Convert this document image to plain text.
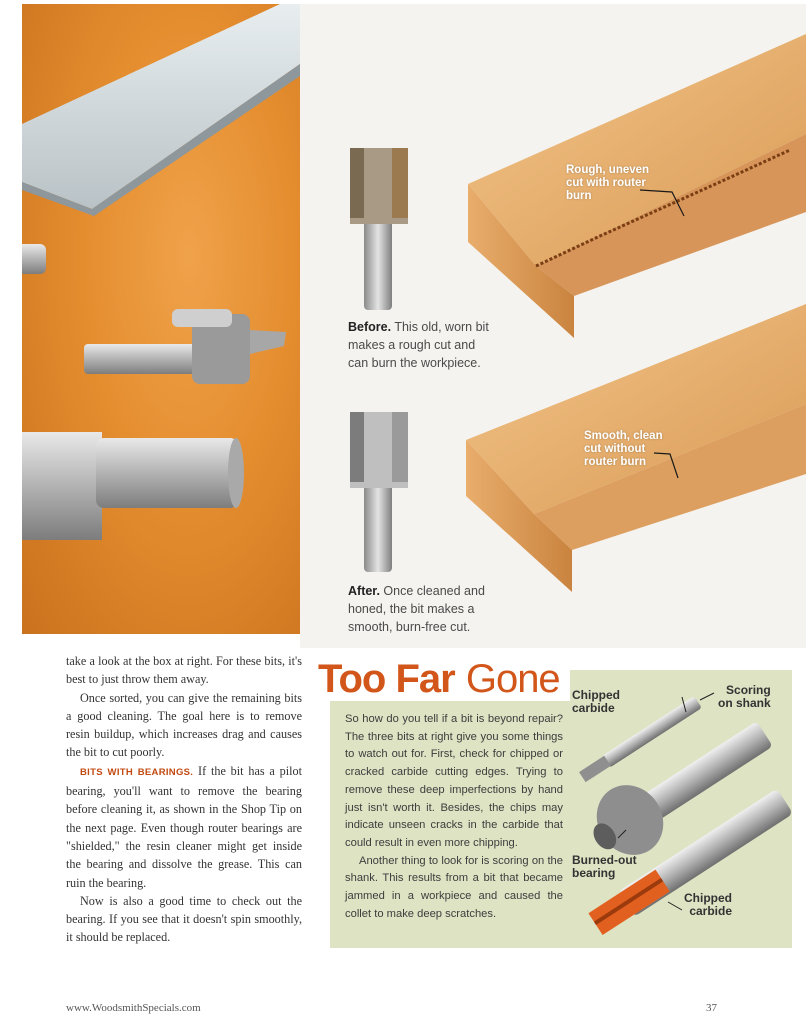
Rough, uneven
cut with router
burn
Smooth, clean
cut without
router burn
Before. This old, worn bit makes a rough cut and can burn the workpiece.
After. Once cleaned and honed, the bit makes a smooth, burn-free cut.

take a look at the box at right. For these bits, it's best to just throw them away.

Once sorted, you can give the remaining bits a good cleaning. The goal here is to remove resin buildup, which increases drag and causes the bit to cut poorly.

BITS WITH BEARINGS. If the bit has a pilot bearing, you'll want to remove the bearing before cleaning it, as shown in the Shop Tip on the next page. Even though router bearings are "shielded," the resin cleaner might get inside the bearing and dissolve the grease. This can ruin the bearing.

Now is also a good time to check out the bearing. If you see that it doesn't spin smoothly, it should be replaced.

Too Far Gone

So how do you tell if a bit is beyond repair? The three bits at right give you some things to watch out for. First, check for chipped or cracked carbide cutting edges. Trying to remove these deep imperfections by hand just isn't worth it. Besides, the chips may indicate unseen cracks in the carbide that could result in even more chipping.

Another thing to look for is scoring on the shank. This results from a bit that became jammed in a workpiece and caused the collet to make deep scratches.

Chipped
carbide
Scoring
on shank
Burned-out
bearing
Chipped
carbide
www.WoodsmithSpecials.com	37
